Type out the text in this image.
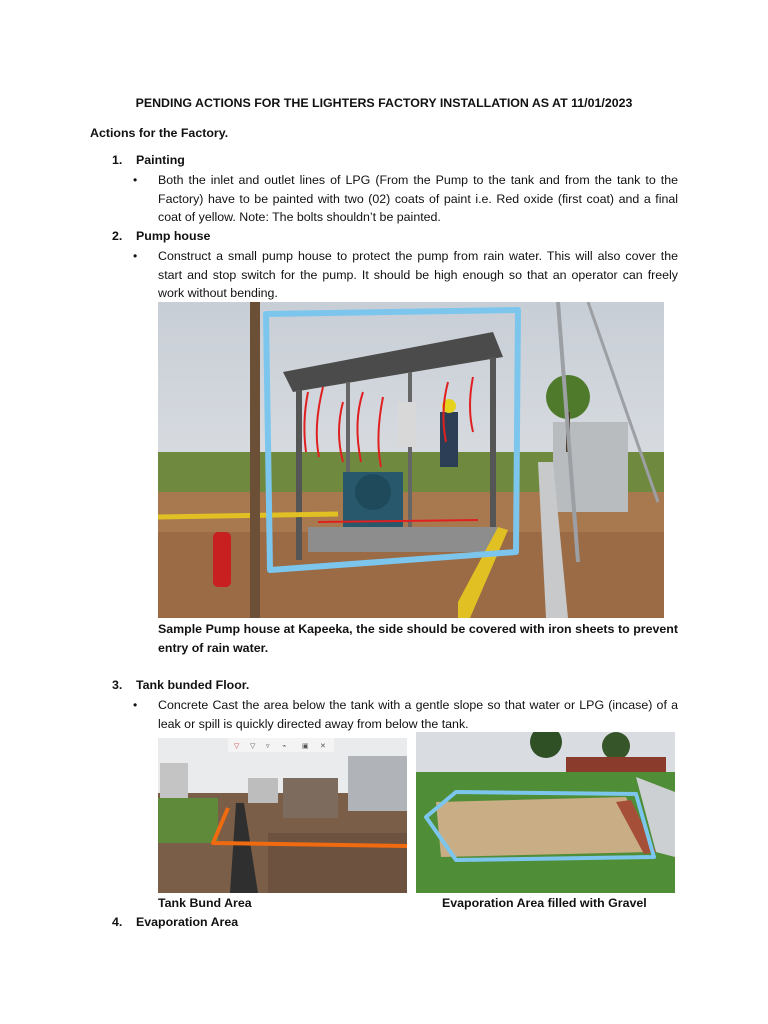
PENDING ACTIONS FOR THE LIGHTERS FACTORY INSTALLATION AS AT 11/01/2023
Actions for the Factory.
1. Painting
• Both the inlet and outlet lines of LPG (From the Pump to the tank and from the tank to the Factory) have to be painted with two (02) coats of paint i.e. Red oxide (first coat) and a final coat of yellow. Note: The bolts shouldn’t be painted.
2. Pump house
• Construct a small pump house to protect the pump from rain water. This will also cover the start and stop switch for the pump. It should be high enough so that an operator can freely work without bending.
Sample Pump house at Kapeeka, the side should be covered with iron sheets to prevent entry of rain water.
3. Tank bunded Floor.
• Concrete Cast the area below the tank with a gentle slope so that water or LPG (incase) of a leak or spill is quickly directed away from below the tank.
▽ ▽ ▿ ⌁ ▣ ✕
Tank Bund Area	Evaporation Area filled with Gravel
4. Evaporation Area
